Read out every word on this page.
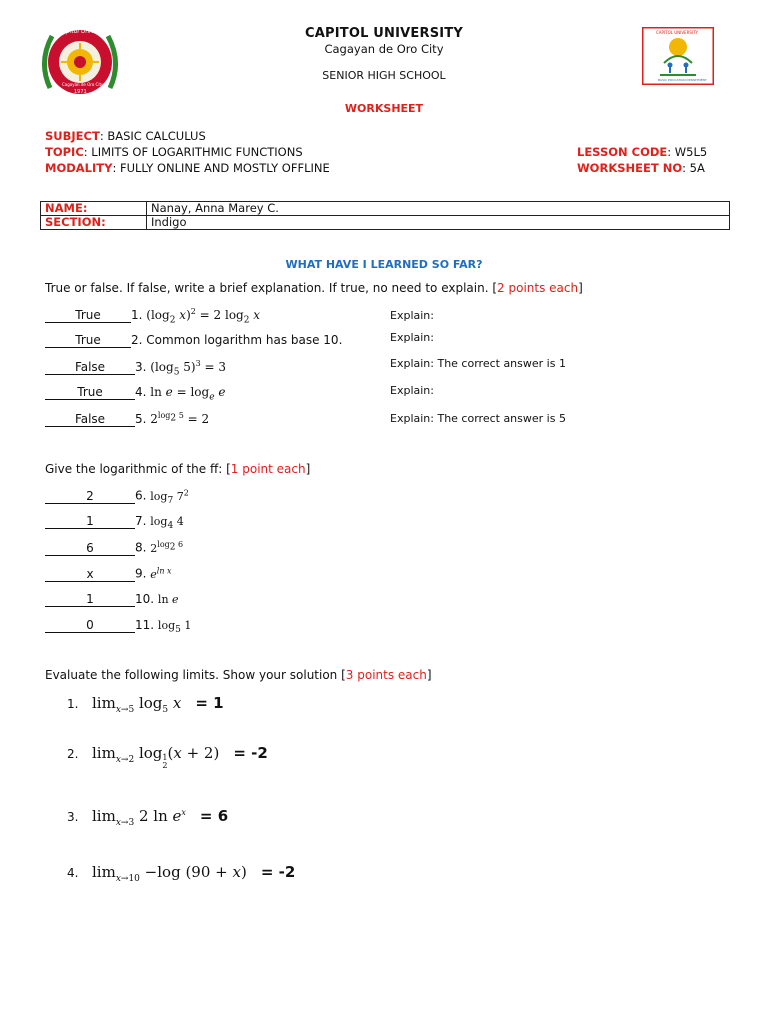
Capitol University
Cagayan de Oro City
1971
CAPITOL UNIVERSITY
BASIC EDUCATION DEPARTMENT
CAPITOL UNIVERSITY
Cagayan de Oro City
SENIOR HIGH SCHOOL
WORKSHEET
SUBJECT: BASIC CALCULUS
TOPIC: LIMITS OF LOGARITHMIC FUNCTIONS
MODALITY: FULLY ONLINE AND MOSTLY OFFLINE
LESSON CODE: W5L5
WORKSHEET NO: 5A
NAME:	Nanay, Anna Marey C.
SECTION:	Indigo
WHAT HAVE I LEARNED SO FAR?
True or false. If false, write a brief explanation. If true, no need to explain. [2 points each]
True	1. ($\log_2$ x)$^2$ = 2 $\log_2 x$	Explain:
True	2. Common logarithm has base 10.	Explain:
False 3. ($\log_5$ 5)$^3$ = 3	Explain: The correct answer is 1
True	4. $\ln e = \log_e e$	Explain:
False 5. $2^{log_2 5} = 2$	Explain: The correct answer is 5
Give the logarithmic of the ff: [1 point each]
2	6. $\log_7 7^2$
1	7. $\log_4 4$
6	8. $2^{log_2 6}$
x	9. $e^{ln x}$
1	10. ln e
0	11. $\log_5 1$
Evaluate the following limits. Show your solution [3 points each]
1. $\lim_{x\to 5} \log_5 x = 1$
2. $\lim_{x\to 2} \log_{1 2}(x + 2) = -2$
3. $\lim_{x\to 3} 2$ $\ln e^x = 6$
4. $\lim_{x\to 10} -\log$ (90 + x) = -2
